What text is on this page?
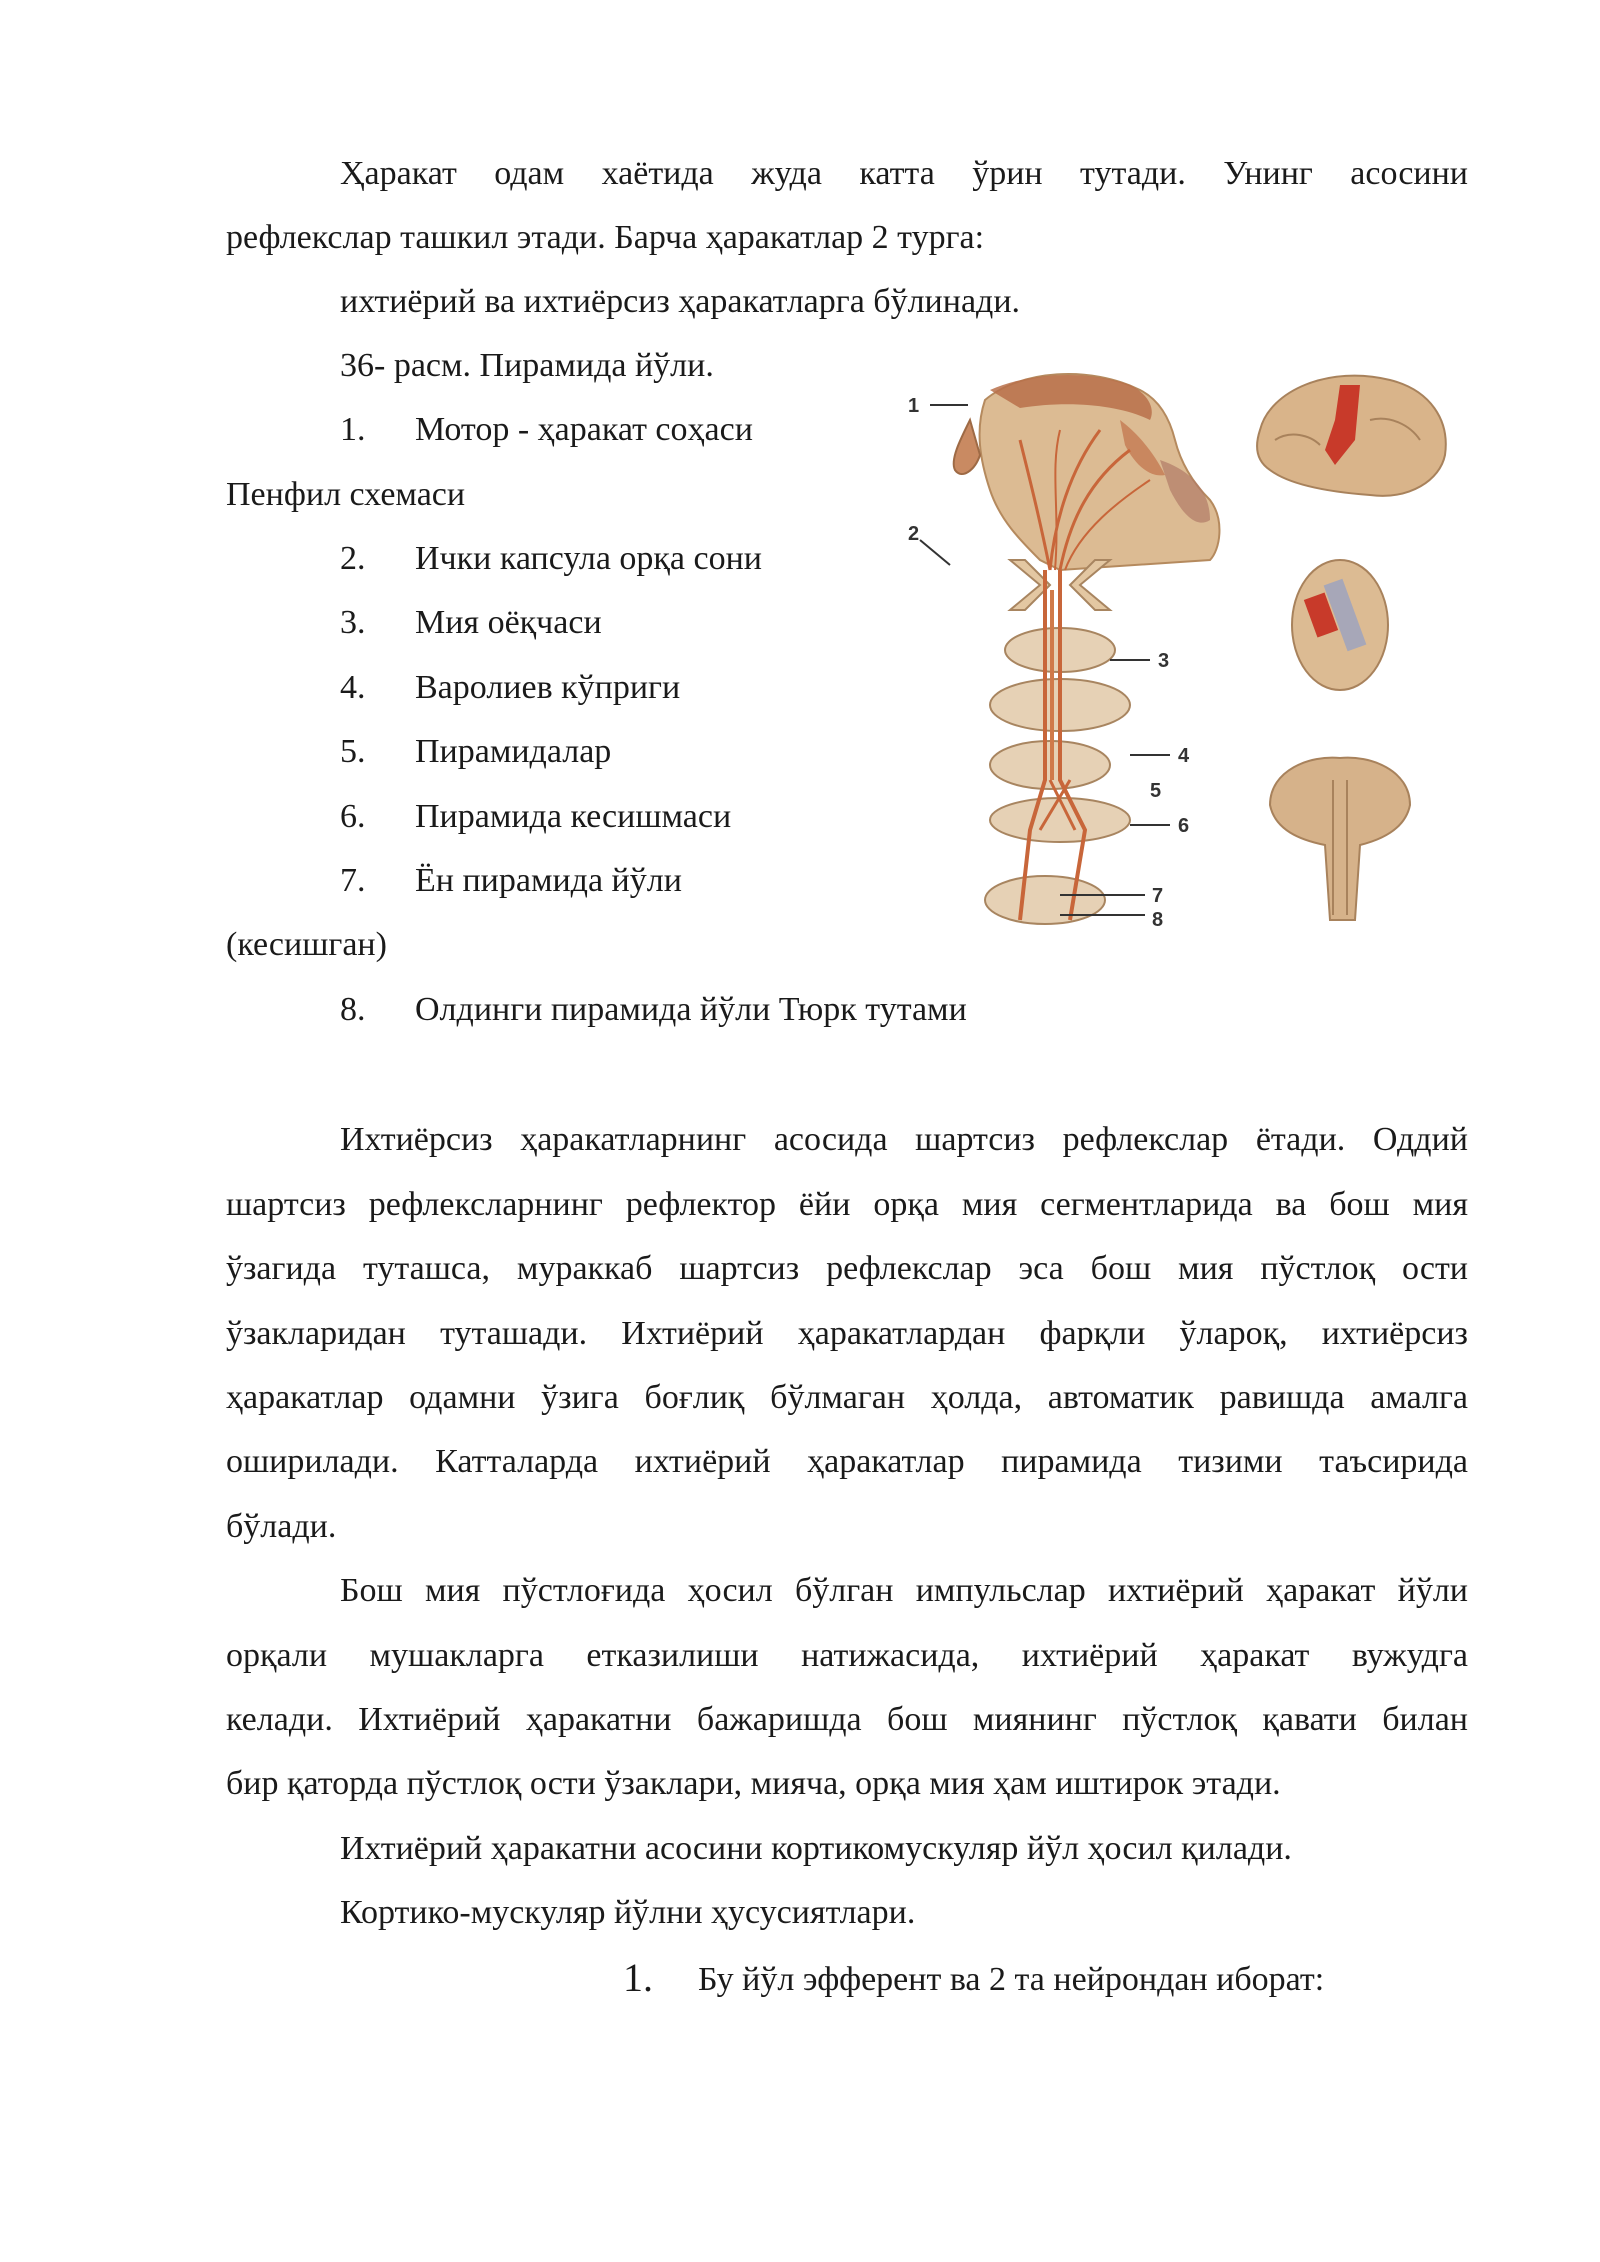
Ҳаракат одам хаётида жуда катта ўрин тутади. Унинг асосини
рефлекслар ташкил этади. Барча ҳаракатлар 2 турга:
ихтиёрий ва ихтиёрсиз ҳаракатларга бўлинади.
36- расм. Пирамида йўли.
1. Мотор - ҳаракат соҳаси
Пенфил схемаси
2. Ички капсула орқа сони
3. Мия оёқчаси
4. Варолиев кўприги
5. Пирамидалар
6. Пирамида кесишмаси
7. Ён пирамида йўли
(кесишган)
8. Олдинги пирамида йўли Тюрк тутами
1
2
3
4
5
6
7
8
Ихтиёрсиз ҳаракатларнинг асосида шартсиз рефлекслар ётади. Оддий
шартсиз рефлексларнинг рефлектор ёйи орқа мия сегментларида ва бош мия
ўзагида туташса, мураккаб шартсиз рефлекслар эса бош мия пўстлоқ ости
ўзакларидан туташади. Ихтиёрий ҳаракатлардан фарқли ўларoқ, ихтиёрсиз
ҳаракатлар одамни ўзига боғлиқ бўлмаган ҳолда, автоматик равишда амалга
оширилади. Катталарда ихтиёрий ҳаракатлар пирамида тизими таъсирида
бўлади.
Бош мия пўстлоғида ҳосил бўлган импульслар ихтиёрий ҳаракат йўли
орқали мушакларга етказилиши натижасида, ихтиёрий ҳаракат вужудга
келади. Ихтиёрий ҳаракатни бажаришда бош миянинг пўстлоқ қавати билан
бир қаторда пўстлоқ ости ўзаклари, мияча, орқа мия ҳам иштирок этади.
Ихтиёрий ҳаракатни асосини кортикомускуляр йўл ҳосил қилади.
Кортико-мускуляр йўлни ҳусусиятлари.
1. Бу йўл эфферент ва 2 та нейрондан иборат:
